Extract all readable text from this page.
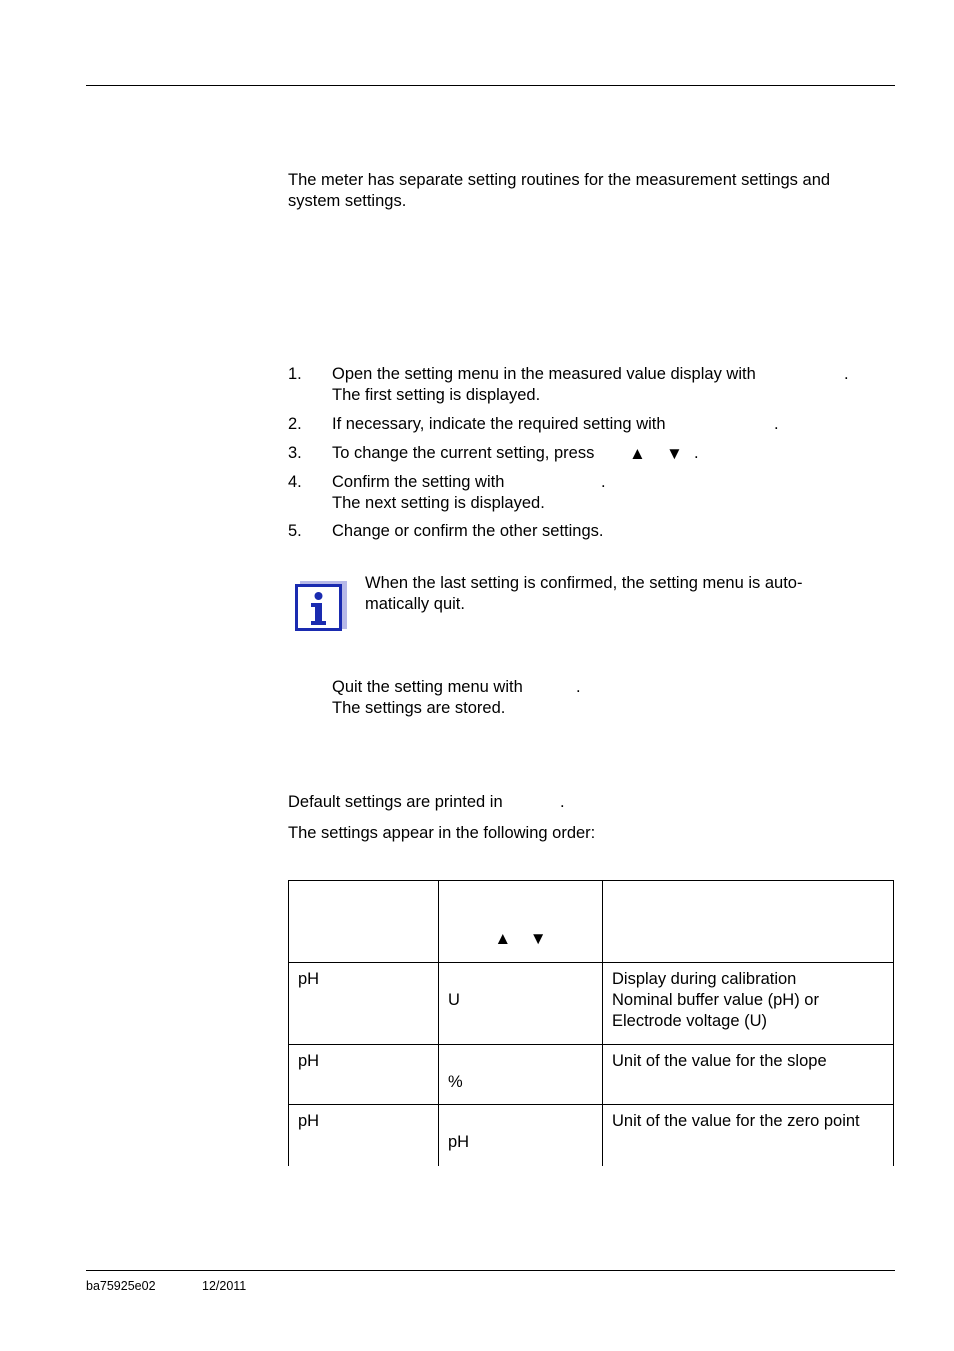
The meter has separate setting routines for the measurement settings and
system settings.
1. Open the setting menu in the measured value display with	.
The first setting is displayed.
2. If necessary, indicate the required setting with	.
3. To change the current setting, press ▲ ▼ .
4. Confirm the setting with	.
The next setting is displayed.
5. Change or confirm the other settings.
When the last setting is confirmed, the setting menu is auto-
matically quit.
Quit the setting menu with	.
The settings are stored.
Default settings are printed in	.
The settings appear in the following order:
	▲ ▼	
pH	U	Display during calibration
Nominal buffer value (pH) or
Electrode voltage (U)

pH	%	Unit of the value for the slope

pH	pH	Unit of the value for the zero point
ba75925e02	12/2011
